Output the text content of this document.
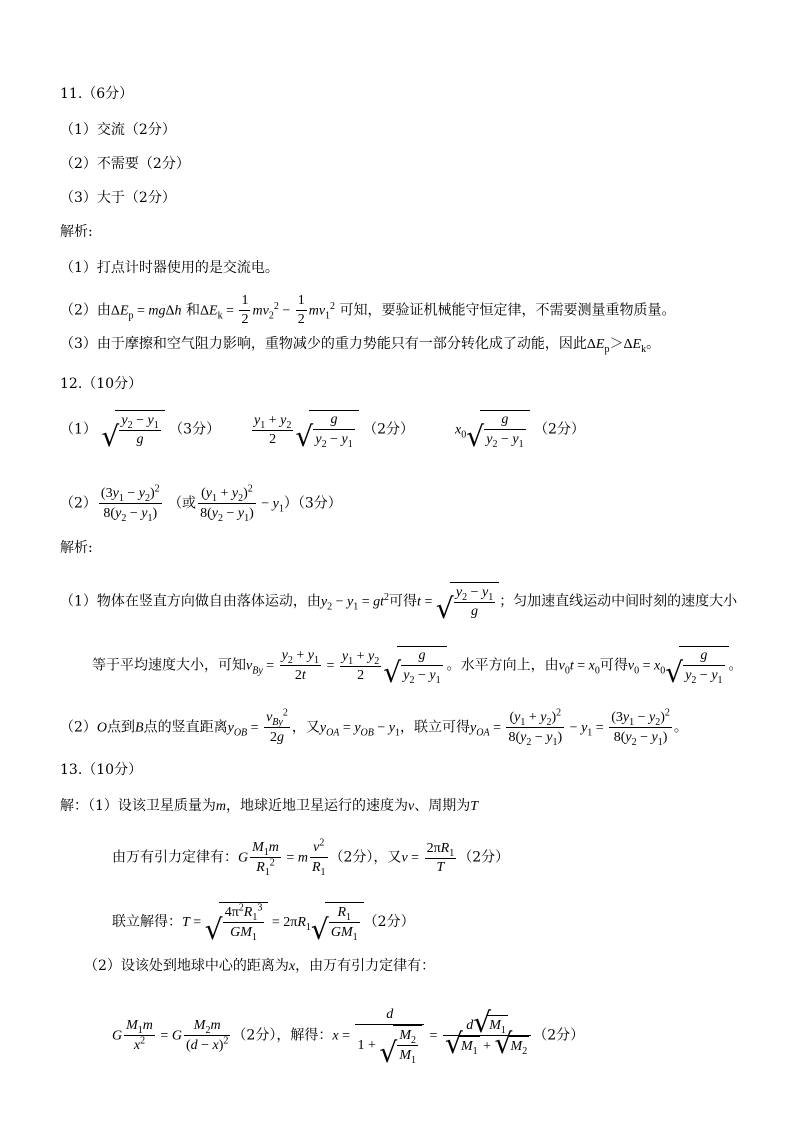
11.（6分）
（1）交流（2分）
（2）不需要（2分）
（3）大于（2分）
解析:
（1）打点计时器使用的是交流电。
（2）由$\Delta E_p = mg\Delta h$ 和$\Delta E_k = \frac{1}{2} mv_2^2 - \frac{1}{2} mv_1^2$ 可知，要验证机械能守恒定律，不需要测量重物质量。
（3）由于摩擦和空气阻力影响，重物减少的重力势能只有一部分转化成了动能，因此$\Delta E_p>\Delta E_k$。
12.（10分）
（1）
√ $\frac{y_2 - y_1}{g} (3$分） $\frac{y_1 + y_2}{2}$
√ $\frac{g}{y_2 - y_1} (2$分）	$x_0$
√ $\frac{g}{y_2 - y_1} (2$分）
$(2) \frac{(3y_1 - y_2)^2}{8(y_2 - y_1)}$ （或 $\frac{(y_1 + y_2)^2}{8(y_2 - y_1)} - y_1)(3$分）
解析:
（1）物体在竖直方向做自由落体运动，由$y_2 - y_1 = gt^2$可得t =
√ $\frac{y_2 - y_1}{g}$ ；匀加速直线运动中间时刻的速度大小
等于平均速度大小，可知$v_{By} = \frac{y_2 + y_1}{2t} = \frac{y_1 + y_2}{2}$
√ $\frac{g}{y_2 - y_1}$ 。水平方向上，由$v_0t = x_0$可得$v_0 = x_0$
√ $\frac{g}{y_2 - y_1}$ 。
（2）O点到B点的竖直距离$y_{OB} = \frac{v_{By}^2}{2g}$ ，又$y_{OA} = y_{OB} - y_1$，联立可得$y_{OA} = \frac{(y_1 + y_2)^2}{8(y_2 - y_1)} - y_1 = \frac{(3y_1 - y_2)^2}{8(y_2 - y_1)}$ 。
13.（10分）
解：（1）设该卫星质量为m，地球近地卫星运行的速度为v、周期为T
由万有引力定律有：G $\frac{M_1m}{R_1^2} = m \frac{v^2}{R_1} (2$分），又$v = \frac{2\pi R_1}{T} (2$分）
联立解得：T =
√ $\frac{4\pi^2R_1^3}{GM_1} = 2\pi R_1$
√ $\frac{R_1}{GM_1} (2$分）
（2）设该处到地球中心的距离为x，由万有引力定律有：
G $\frac{M_1m}{x^2} = G \frac{M_2m}{(d - x)^2} (2$分），解得：x = d
1 +
√ $\frac{M_2}{M_1} = d√$ $M_1$
√ $M_1$ + √ $M_2$ （2分）
